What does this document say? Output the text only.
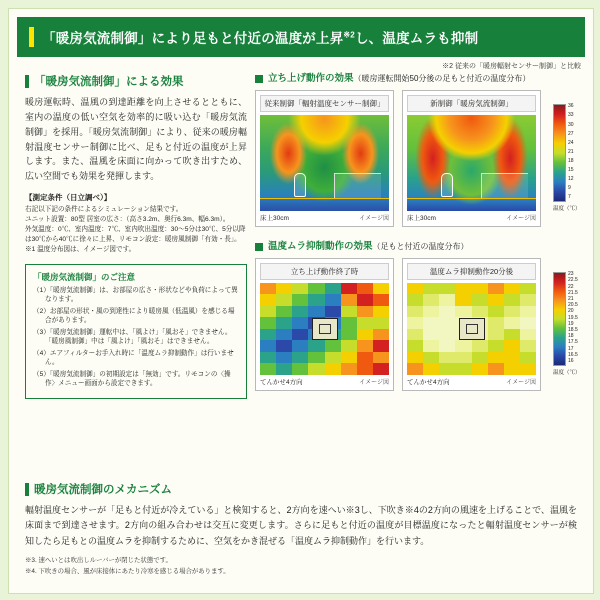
「暖房気流制御」により足もと付近の温度が上昇$^{※2}$し、温度ムラも抑制
※2 従来の「暖房輻射センサー制御」と比較
「暖房気流制御」による効果

暖房運転時、温風の到達距離を向上させるとともに、室内の温度の低い空気を効率的に吸い込む「暖房気流制御」を採用。「暖房気流制御」により、従来の暖房輻射温度センサー制御に比べ、足もと付近の温度が上昇します。また、温風を床面に向かって吹き出すため、広い空間でも効果を発揮します。

【測定条件（日立調べ）】

右記以下記の条件によるシミュレーション結果です。

ユニット設置：80型 居室の広さ：（高さ3.2m、奥行6.3m、幅6.3m）。

外気温度：0℃、室内温度：7℃、室内吹出温度：30～5分は30℃、5分以降は30℃から40℃に徐々に上昇、リモコン設定：暖房風制御「有効・長」。

※1 温度分布図は、イメージ図です。

「暖房気流制御」のご注意
（1）「暖房気流制御」は、お部屋の広さ・形状などや負荷によって異なります。
（2）お部屋の形状・風の到達性により暖房風（低温風）を感じる場合があります。
（3）「暖房気流制御」運転中は、「風よけ」「風おそ」できません。「暖房風制御」中は「風よけ」「風おそ」はできません。
（4）エアフィルターお手入れ時に「温度ムラ抑制動作」は行いません。
（5）「暖房気流制御」の初期設定は「無効」です。リモコンの〈操作〉メニュー画面から設定できます。
立ち上げ動作の効果（暖房運転開始50分後の足もと付近の温度分布）
従来制御「輻射温度センサー制御」
床上30cm	イメージ図
新制御「暖房気流制御」
床上30cm	イメージ図
36
33
30
27
24
21
18
15
12
9
7
温度（℃）
温度ムラ抑制動作の効果（足もと付近の温度分布）
立ち上げ動作終了時
てんかせ4方向	イメージ図
温度ムラ抑制動作20分後
てんかせ4方向	イメージ図
23
22.5
22
21.5
21
20.5
20
19.5
19
18.5
18
17.5
17
16.5
16
温度（℃）
暖房気流制御のメカニズム

輻射温度センサーが「足もと付近が冷えている」と検知すると、2方向を速へい※3し、下吹き※4の2方向の風速を上げることで、温風を床面まで到達させます。2方向の組み合わせは交互に変更します。さらに足もと付近の温度が目標温度になったと輻射温度センサーが検知したら足もとの温度ムラを抑制するために、空気をかき混ぜる「温度ムラ抑制動作」を行います。

※3. 速へいとは吹出しルーバーが閉じた状態です。
※4. 下吹きの場合、風が床接体にあたり冷寒を感じる場合があります。
